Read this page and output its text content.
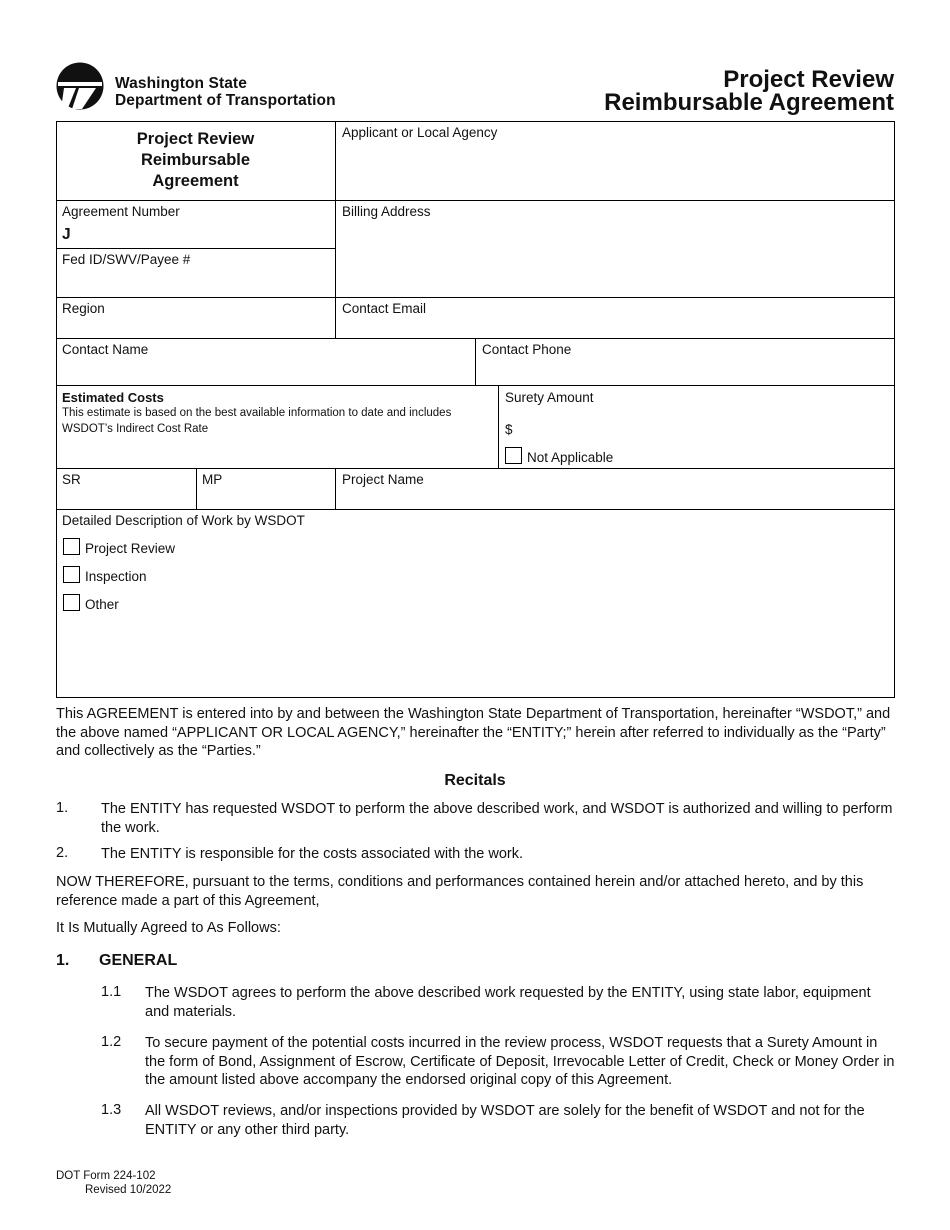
Washington State
Department of Transportation
Project Review
Reimbursable Agreement
Project Review Reimbursable Agreement
Applicant or Local Agency
Agreement Number
J
Fed ID/SWV/Payee #
Billing Address
Region	Contact Email
Contact Name	Contact Phone
Estimated Costs
This estimate is based on the best available information to date and includes WSDOT’s Indirect Cost Rate
Surety Amount
$
Not Applicable
SR	MP	Project Name
Detailed Description of Work by WSDOT
Project Review
Inspection
Other
This AGREEMENT is entered into by and between the Washington State Department of Transportation, hereinafter “WSDOT,” and the above named “APPLICANT OR LOCAL AGENCY,” hereinafter the “ENTITY;” herein after referred to individually as the “Party” and collectively as the “Parties.”
Recitals
1. The ENTITY has requested WSDOT to perform the above described work, and WSDOT is authorized and willing to perform the work.
2. The ENTITY is responsible for the costs associated with the work.
NOW THEREFORE, pursuant to the terms, conditions and performances contained herein and/or attached hereto, and by this reference made a part of this Agreement,
It Is Mutually Agreed to As Follows:
1. GENERAL
1.1 The WSDOT agrees to perform the above described work requested by the ENTITY, using state labor, equipment and materials.
1.2 To secure payment of the potential costs incurred in the review process, WSDOT requests that a Surety Amount in the form of Bond, Assignment of Escrow, Certificate of Deposit, Irrevocable Letter of Credit, Check or Money Order in the amount listed above accompany the endorsed original copy of this Agreement.
1.3 All WSDOT reviews, and/or inspections provided by WSDOT are solely for the benefit of WSDOT and not for the ENTITY or any other third party.
DOT Form 224-102
Revised 10/2022
